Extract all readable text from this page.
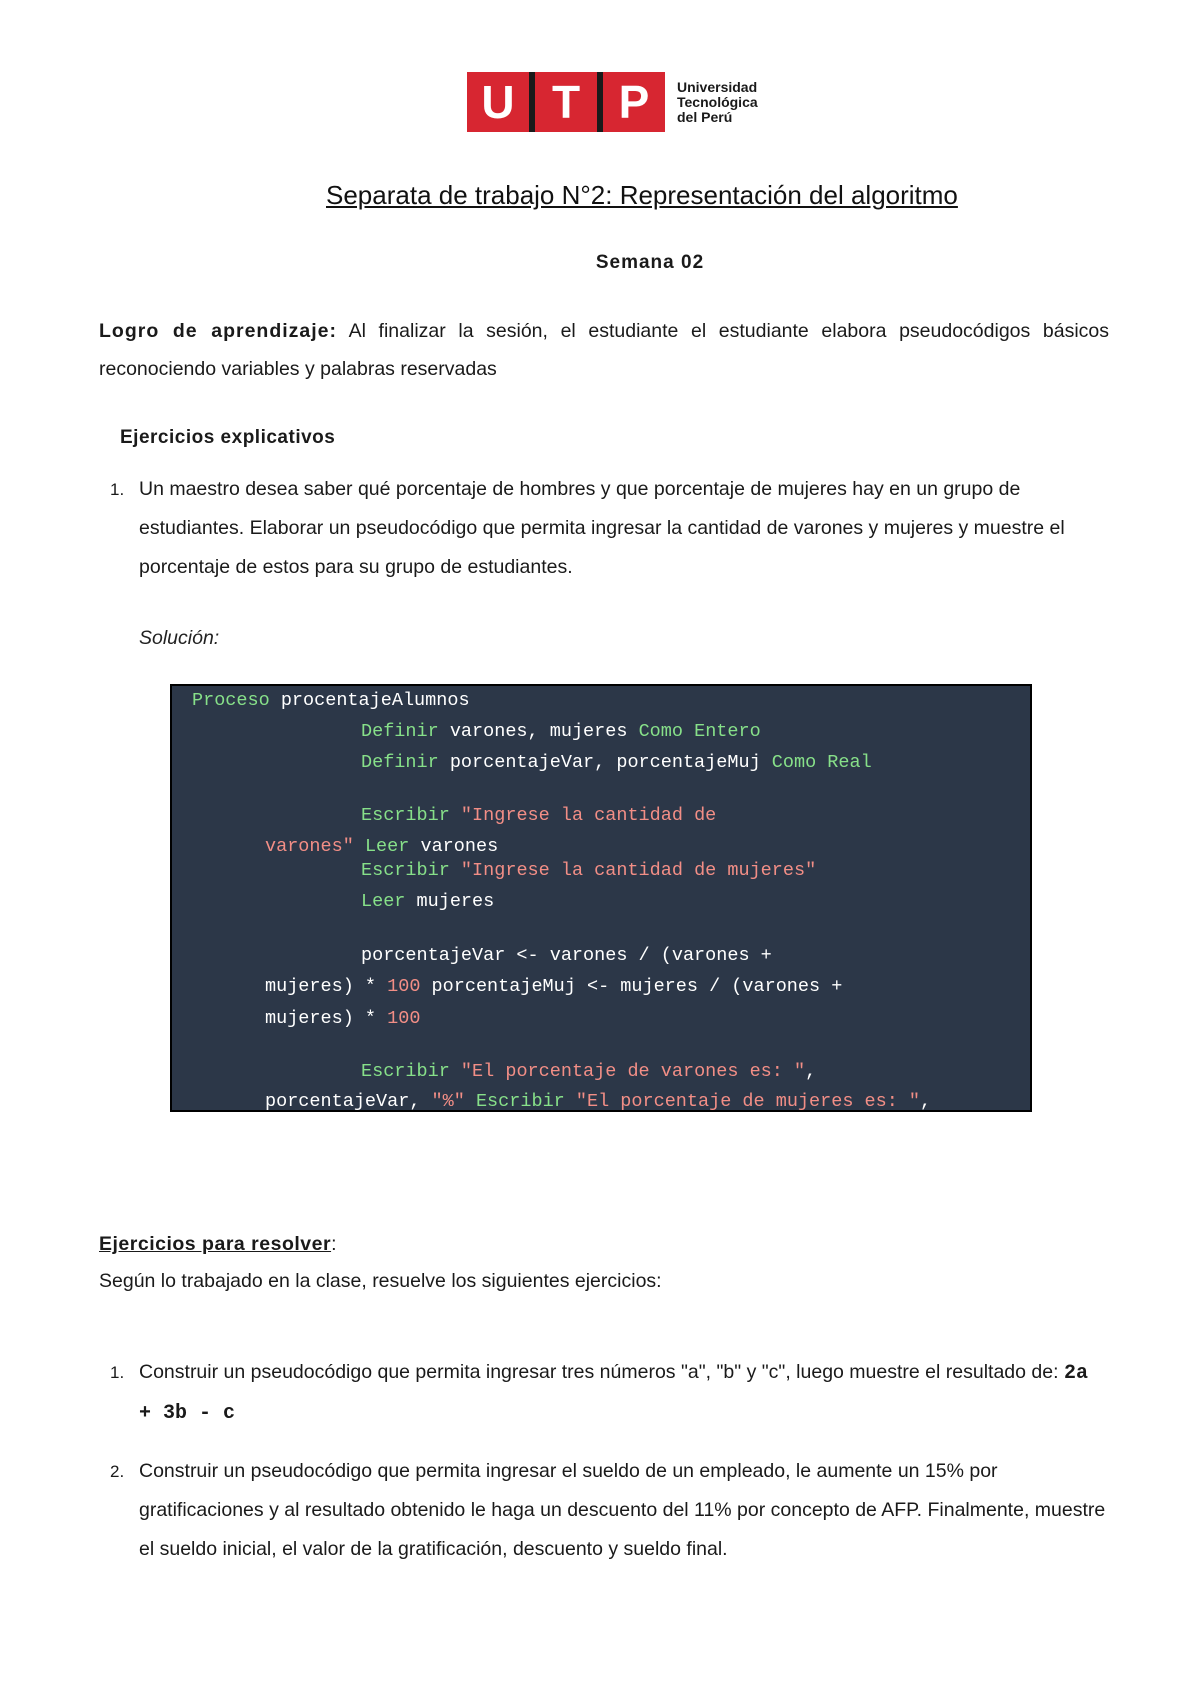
U T P Universidad
Tecnológica
del Perú
Separata de trabajo N°2: Representación del algoritmo
Semana 02
Logro de aprendizaje: Al finalizar la sesión, el estudiante el estudiante elabora pseudocódigos básicos reconociendo variables y palabras reservadas
Ejercicios explicativos
1. Un maestro desea saber qué porcentaje de hombres y que porcentaje de mujeres hay en un grupo de estudiantes. Elaborar un pseudocódigo que permita ingresar la cantidad de varones y mujeres y muestre el porcentaje de estos para su grupo de estudiantes.
Solución:
Proceso procentajeAlumnos
Definir varones, mujeres Como Entero
Definir porcentajeVar, porcentajeMuj Como Real
Escribir "Ingrese la cantidad de
varones" Leer varones
Escribir "Ingrese la cantidad de mujeres"
Leer mujeres
porcentajeVar <- varones / (varones +
mujeres) * 100 porcentajeMuj <- mujeres / (varones +
mujeres) * 100
Escribir "El porcentaje de varones es: ",
porcentajeVar, "%" Escribir "El porcentaje de mujeres es: ",
Ejercicios para resolver:
Según lo trabajado en la clase, resuelve los siguientes ejercicios:
1. Construir un pseudocódigo que permita ingresar tres números "a", "b" y "c", luego muestre el resultado de: 2a + 3b - c
2. Construir un pseudocódigo que permita ingresar el sueldo de un empleado, le aumente un 15% por gratificaciones y al resultado obtenido le haga un descuento del 11% por concepto de AFP. Finalmente, muestre el sueldo inicial, el valor de la gratificación, descuento y sueldo final.
